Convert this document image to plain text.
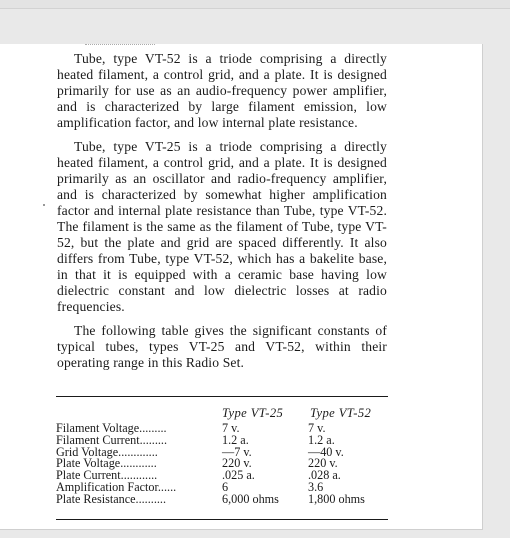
Tube, type VT-52 is a triode comprising a directly heated filament, a control grid, and a plate. It is designed primarily for use as an audio-frequency power amplifier, and is characterized by large filament emission, low amplification factor, and low internal plate resistance.

Tube, type VT-25 is a triode comprising a directly heated filament, a control grid, and a plate. It is designed primarily as an oscillator and radio-frequency amplifier, and is characterized by somewhat higher amplification factor and internal plate resistance than Tube, type VT-52. The filament is the same as the filament of Tube, type VT-52, but the plate and grid are spaced differently. It also differs from Tube, type VT-52, which has a bakelite base, in that it is equipped with a ceramic base having low dielectric constant and low dielectric losses at radio frequencies.

The following table gives the significant constants of typical tubes, types VT-25 and VT-52, within their operating range in this Radio Set.

Type VT-25 Type VT-52
Filament Voltage.........	7 v.	7 v.
Filament Current.........	1.2 a.	1.2 a.
Grid Voltage.............	—7 v.	—40 v.
Plate Voltage............	220 v.	220 v.
Plate Current............	.025 a.	.028 a.
Amplification Factor......	6	3.6
Plate Resistance..........	6,000 ohms 1,800 ohms
